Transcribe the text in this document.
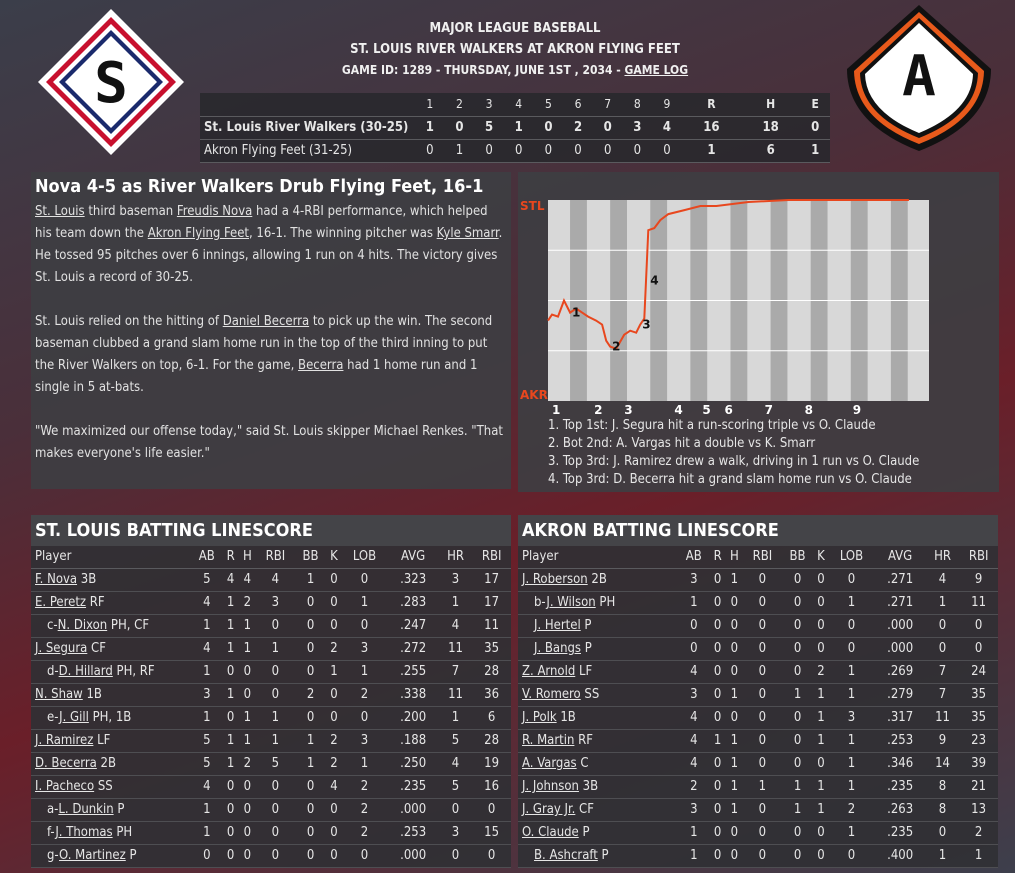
S	A
MAJOR LEAGUE BASEBALL
ST. LOUIS RIVER WALKERS AT AKRON FLYING FEET
GAME ID: 1289 - THURSDAY, JUNE 1ST , 2034 - GAME LOG
	1	2	3	4	5	6	7	8	9	R	H	E
St. Louis River Walkers (30-25)	1	0	5	1	0	2	0	3	4	16	18	0
Akron Flying Feet (31-25)	0	1	0	0	0	0	0	0	0	1	6	1
Nova 4-5 as River Walkers Drub Flying Feet, 16-1

St. Louis third baseman Freudis Nova had a 4-RBI performance, which helped his team down the Akron Flying Feet, 16-1. The winning pitcher was Kyle Smarr. He tossed 95 pitches over 6 innings, allowing 1 run on 4 hits. The victory gives St. Louis a record of 30-25.

St. Louis relied on the hitting of Daniel Becerra to pick up the win. The second baseman clubbed a grand slam home run in the top of the third inning to put the River Walkers on top, 6-1. For the game, Becerra had 1 home run and 1 single in 5 at-bats.

"We maximized our offense today," said St. Louis skipper Michael Renkes. "That makes everyone's life easier."

1
2
3
4
STL
AKR
1	2 3	4 5 6	7	8	9
1. Top 1st: J. Segura hit a run-scoring triple vs O. Claude
2. Bot 2nd: A. Vargas hit a double vs K. Smarr
3. Top 3rd: J. Ramirez drew a walk, driving in 1 run vs O. Claude
4. Top 3rd: D. Becerra hit a grand slam home run vs O. Claude
ST. LOUIS BATTING LINESCORE
Player	AB	R	H	RBI	BB	K	LOB	AVG	HR	RBI
F. Nova 3B	5	4	4	4	1	0	0	.323	3	17
E. Peretz RF	4	1	2	3	0	0	1	.283	1	17
c-N. Dixon PH, CF	1	1	1	0	0	0	0	.247	4	11
J. Segura CF	4	1	1	1	0	2	3	.272	11	35
d-D. Hillard PH, RF	1	0	0	0	0	1	1	.255	7	28
N. Shaw 1B	3	1	0	0	2	0	2	.338	11	36
e-J. Gill PH, 1B	1	0	1	1	0	0	0	.200	1	6
J. Ramirez LF	5	1	1	1	1	2	3	.188	5	28
D. Becerra 2B	5	1	2	5	1	2	1	.250	4	19
I. Pacheco SS	4	0	0	0	0	4	2	.235	5	16
a-L. Dunkin P	1	0	0	0	0	0	2	.000	0	0
f-J. Thomas PH	1	0	0	0	0	0	2	.253	3	15
g-O. Martinez P	0	0	0	0	0	0	0	.000	0	0
AKRON BATTING LINESCORE
Player	AB	R	H	RBI	BB	K	LOB	AVG	HR	RBI
J. Roberson 2B	3	0	1	0	0	0	0	.271	4	9
b-J. Wilson PH	1	0	0	0	0	0	1	.271	1	11
J. Hertel P	0	0	0	0	0	0	0	.000	0	0
J. Bangs P	0	0	0	0	0	0	0	.000	0	0
Z. Arnold LF	4	0	0	0	0	2	1	.269	7	24
V. Romero SS	3	0	1	0	1	1	1	.279	7	35
J. Polk 1B	4	0	0	0	0	1	3	.317	11	35
R. Martin RF	4	1	1	0	0	1	1	.253	9	23
A. Vargas C	4	0	1	0	0	0	1	.346	14	39
J. Johnson 3B	2	0	1	1	1	1	1	.235	8	21
J. Gray Jr. CF	3	0	1	0	1	1	2	.263	8	13
O. Claude P	1	0	0	0	0	0	1	.235	0	2
B. Ashcraft P	1	0	0	0	0	0	0	.400	1	1
